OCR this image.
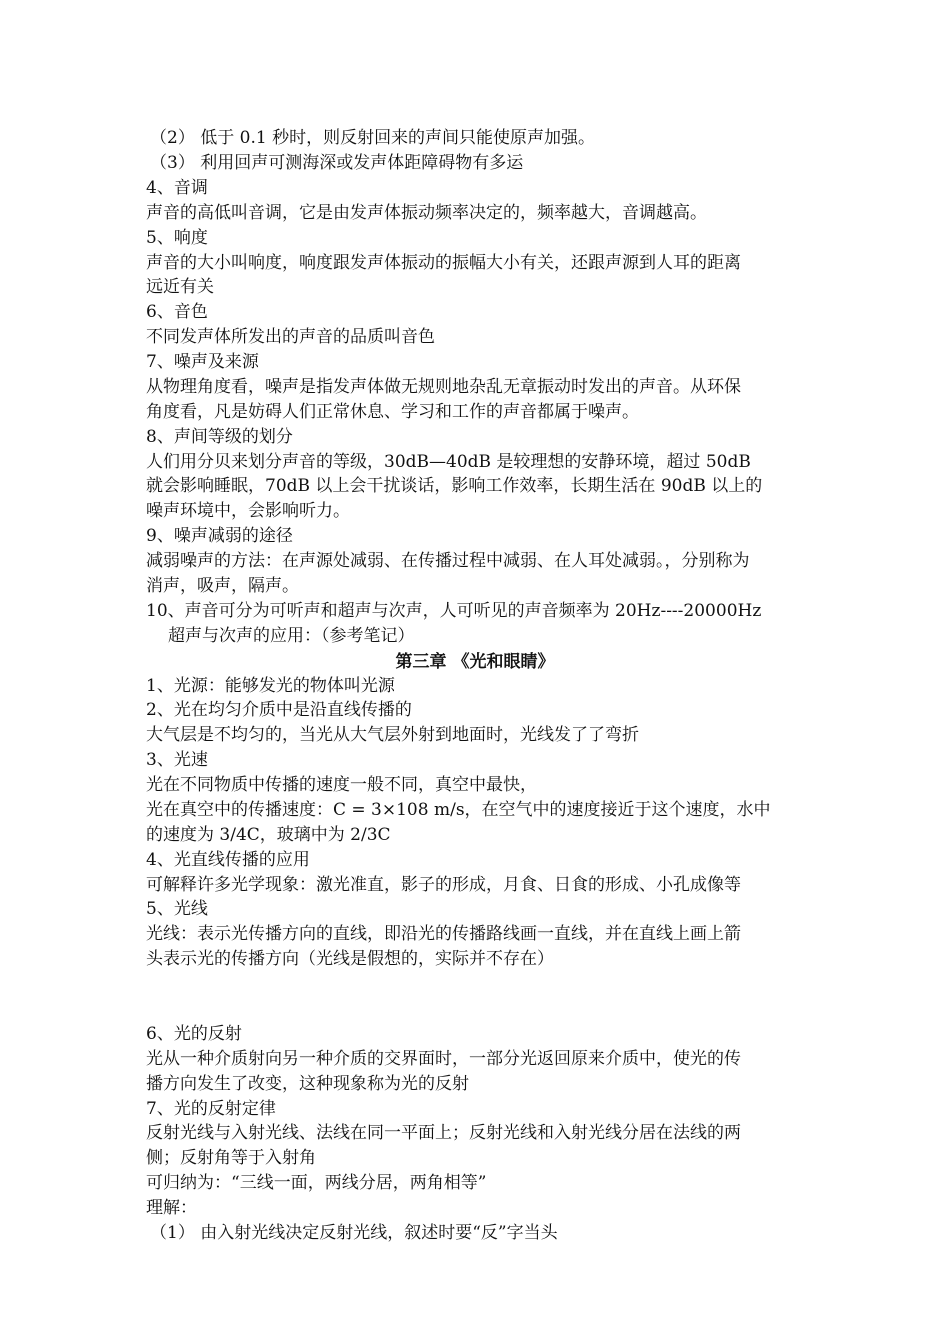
（2） 低于 0.1 秒时，则反射回来的声间只能使原声加强。
（3） 利用回声可测海深或发声体距障碍物有多运
4、音调
声音的高低叫音调，它是由发声体振动频率决定的，频率越大，音调越高。
5、响度
声音的大小叫响度，响度跟发声体振动的振幅大小有关，还跟声源到人耳的距离
远近有关
6、音色
不同发声体所发出的声音的品质叫音色
7、噪声及来源
从物理角度看，噪声是指发声体做无规则地杂乱无章振动时发出的声音。从环保
角度看，凡是妨碍人们正常休息、学习和工作的声音都属于噪声。
8、声间等级的划分
人们用分贝来划分声音的等级，30dB—40dB 是较理想的安静环境，超过 50dB
就会影响睡眠，70dB 以上会干扰谈话，影响工作效率，长期生活在 90dB 以上的
噪声环境中，会影响听力。
9、噪声减弱的途径
减弱噪声的方法：在声源处减弱、在传播过程中减弱、在人耳处减弱。，分别称为
消声，吸声，隔声。
10、声音可分为可听声和超声与次声，人可听见的声音频率为 20Hz----20000Hz
超声与次声的应用：（参考笔记）
第三章 《光和眼睛》
1、光源：能够发光的物体叫光源
2、光在均匀介质中是沿直线传播的
大气层是不均匀的，当光从大气层外射到地面时，光线发了了弯折
3、光速
光在不同物质中传播的速度一般不同，真空中最快，
光在真空中的传播速度：C = 3×108 m/s，在空气中的速度接近于这个速度，水中
的速度为 3/4C，玻璃中为 2/3C
4、光直线传播的应用
可解释许多光学现象：激光准直，影子的形成，月食、日食的形成、小孔成像等
5、光线
光线：表示光传播方向的直线，即沿光的传播路线画一直线，并在直线上画上箭
头表示光的传播方向（光线是假想的，实际并不存在）
6、光的反射
光从一种介质射向另一种介质的交界面时，一部分光返回原来介质中，使光的传
播方向发生了改变，这种现象称为光的反射
7、光的反射定律
反射光线与入射光线、法线在同一平面上；反射光线和入射光线分居在法线的两
侧；反射角等于入射角
可归纳为：“三线一面，两线分居，两角相等”
理解：
（1） 由入射光线决定反射光线，叙述时要“反”字当头
